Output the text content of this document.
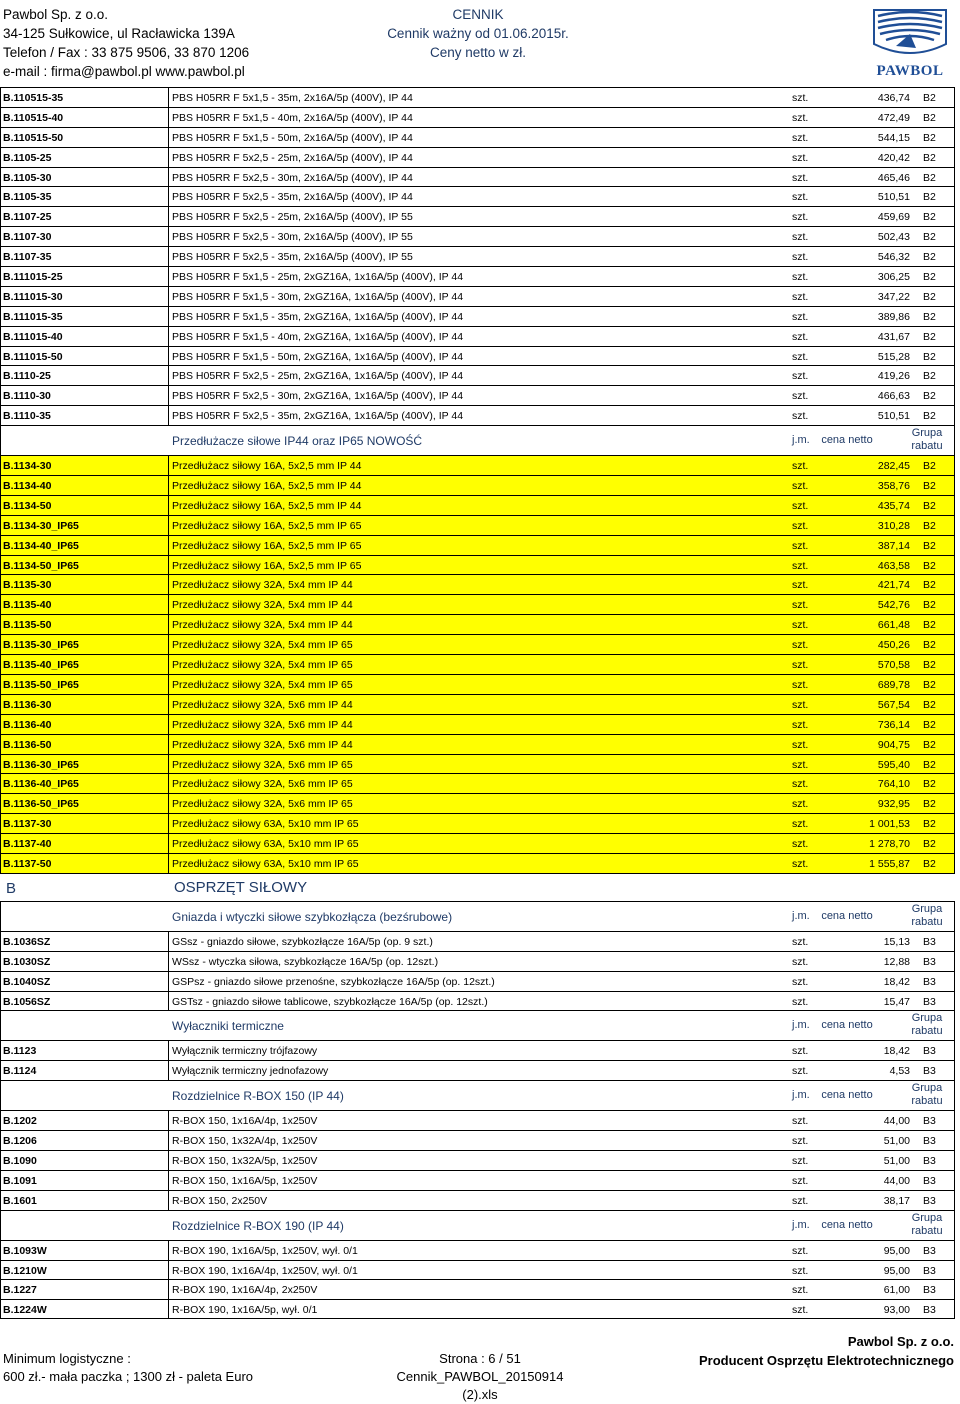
Pawbol Sp. z o.o.
34-125 Sułkowice, ul Racławicka 139A
Telefon / Fax : 33 875 9506, 33 870 1206
e-mail : firma@pawbol.pl www.pawbol.pl
CENNIK
Cennik ważny od 01.06.2015r.
Ceny netto w zł.
PAWBOL
B.110515-35	PBS H05RR F 5x1,5 - 35m, 2x16A/5p (400V), IP 44	szt.	436,74 B2
B.110515-40	PBS H05RR F 5x1,5 - 40m, 2x16A/5p (400V), IP 44	szt.	472,49 B2
B.110515-50	PBS H05RR F 5x1,5 - 50m, 2x16A/5p (400V), IP 44	szt.	544,15 B2
B.1105-25	PBS H05RR F 5x2,5 - 25m, 2x16A/5p (400V), IP 44	szt.	420,42 B2
B.1105-30	PBS H05RR F 5x2,5 - 30m, 2x16A/5p (400V), IP 44	szt.	465,46 B2
B.1105-35	PBS H05RR F 5x2,5 - 35m, 2x16A/5p (400V), IP 44	szt.	510,51 B2
B.1107-25	PBS H05RR F 5x2,5 - 25m, 2x16A/5p (400V), IP 55	szt.	459,69 B2
B.1107-30	PBS H05RR F 5x2,5 - 30m, 2x16A/5p (400V), IP 55	szt.	502,43 B2
B.1107-35	PBS H05RR F 5x2,5 - 35m, 2x16A/5p (400V), IP 55	szt.	546,32 B2
B.111015-25	PBS H05RR F 5x1,5 - 25m, 2xGZ16A, 1x16A/5p (400V), IP 44	szt.	306,25 B2
B.111015-30	PBS H05RR F 5x1,5 - 30m, 2xGZ16A, 1x16A/5p (400V), IP 44	szt.	347,22 B2
B.111015-35	PBS H05RR F 5x1,5 - 35m, 2xGZ16A, 1x16A/5p (400V), IP 44	szt.	389,86 B2
B.111015-40	PBS H05RR F 5x1,5 - 40m, 2xGZ16A, 1x16A/5p (400V), IP 44	szt.	431,67 B2
B.111015-50	PBS H05RR F 5x1,5 - 50m, 2xGZ16A, 1x16A/5p (400V), IP 44	szt.	515,28 B2
B.1110-25	PBS H05RR F 5x2,5 - 25m, 2xGZ16A, 1x16A/5p (400V), IP 44	szt.	419,26 B2
B.1110-30	PBS H05RR F 5x2,5 - 30m, 2xGZ16A, 1x16A/5p (400V), IP 44	szt.	466,63 B2
B.1110-35	PBS H05RR F 5x2,5 - 35m, 2xGZ16A, 1x16A/5p (400V), IP 44	szt.	510,51 B2
Przedłużacze siłowe IP44 oraz IP65 NOWOŚĆ	j.m.	cena netto
Grupa
rabatu
B.1134-30	Przedłużacz siłowy 16A, 5x2,5 mm IP 44	szt.	282,45 B2
B.1134-40	Przedłużacz siłowy 16A, 5x2,5 mm IP 44	szt.	358,76 B2
B.1134-50	Przedłużacz siłowy 16A, 5x2,5 mm IP 44	szt.	435,74 B2
B.1134-30_IP65	Przedłużacz siłowy 16A, 5x2,5 mm IP 65	szt.	310,28 B2
B.1134-40_IP65	Przedłużacz siłowy 16A, 5x2,5 mm IP 65	szt.	387,14 B2
B.1134-50_IP65	Przedłużacz siłowy 16A, 5x2,5 mm IP 65	szt.	463,58 B2
B.1135-30	Przedłużacz siłowy 32A, 5x4 mm IP 44	szt.	421,74 B2
B.1135-40	Przedłużacz siłowy 32A, 5x4 mm IP 44	szt.	542,76 B2
B.1135-50	Przedłużacz siłowy 32A, 5x4 mm IP 44	szt.	661,48 B2
B.1135-30_IP65	Przedłużacz siłowy 32A, 5x4 mm IP 65	szt.	450,26 B2
B.1135-40_IP65	Przedłużacz siłowy 32A, 5x4 mm IP 65	szt.	570,58 B2
B.1135-50_IP65	Przedłużacz siłowy 32A, 5x4 mm IP 65	szt.	689,78 B2
B.1136-30	Przedłużacz siłowy 32A, 5x6 mm IP 44	szt.	567,54 B2
B.1136-40	Przedłużacz siłowy 32A, 5x6 mm IP 44	szt.	736,14 B2
B.1136-50	Przedłużacz siłowy 32A, 5x6 mm IP 44	szt.	904,75 B2
B.1136-30_IP65	Przedłużacz siłowy 32A, 5x6 mm IP 65	szt.	595,40 B2
B.1136-40_IP65	Przedłużacz siłowy 32A, 5x6 mm IP 65	szt.	764,10 B2
B.1136-50_IP65	Przedłużacz siłowy 32A, 5x6 mm IP 65	szt.	932,95 B2
B.1137-30	Przedłużacz siłowy 63A, 5x10 mm IP 65	szt.	1 001,53 B2
B.1137-40	Przedłużacz siłowy 63A, 5x10 mm IP 65	szt.	1 278,70 B2
B.1137-50	Przedłużacz siłowy 63A, 5x10 mm IP 65	szt.	1 555,87 B2
B	OSPRZĘT SIŁOWY
Gniazda i wtyczki siłowe szybkozłącza (bezśrubowe)	j.m.	cena netto
Grupa
rabatu
B.1036SZ	GSsz - gniazdo siłowe, szybkozłącze 16A/5p (op. 9 szt.)	szt.	15,13 B3
B.1030SZ	WSsz - wtyczka siłowa, szybkozłącze 16A/5p (op. 12szt.)	szt.	12,88 B3
B.1040SZ	GSPsz - gniazdo siłowe przenośne, szybkozłącze 16A/5p (op. 12szt.)	szt.	18,42 B3
B.1056SZ	GSTsz - gniazdo siłowe tablicowe, szybkozłącze 16A/5p (op. 12szt.)	szt.	15,47 B3
Wyłaczniki termiczne	j.m.	cena netto
Grupa
rabatu
B.1123	Wyłącznik termiczny trójfazowy	szt.	18,42 B3
B.1124	Wyłącznik termiczny jednofazowy	szt.	4,53 B3
Rozdzielnice R-BOX 150 (IP 44)	j.m.	cena netto
Grupa
rabatu
B.1202	R-BOX 150, 1x16A/4p, 1x250V	szt.	44,00 B3
B.1206	R-BOX 150, 1x32A/4p, 1x250V	szt.	51,00 B3
B.1090	R-BOX 150, 1x32A/5p, 1x250V	szt.	51,00 B3
B.1091	R-BOX 150, 1x16A/5p, 1x250V	szt.	44,00 B3
B.1601	R-BOX 150, 2x250V	szt.	38,17 B3
Rozdzielnice R-BOX 190 (IP 44)	j.m.	cena netto
Grupa
rabatu
B.1093W	R-BOX 190, 1x16A/5p, 1x250V, wył. 0/1	szt.	95,00 B3
B.1210W	R-BOX 190, 1x16A/4p, 1x250V, wył. 0/1	szt.	95,00 B3
B.1227	R-BOX 190, 1x16A/4p, 2x250V	szt.	61,00 B3
B.1224W	R-BOX 190, 1x16A/5p, wył. 0/1	szt.	93,00 B3
Minimum logistyczne :
600 zł.- mała paczka ; 1300 zł - paleta Euro
Strona : 6 / 51
Cennik_PAWBOL_20150914 (2).xls
Pawbol Sp. z o.o.
Producent Osprzętu Elektrotechnicznego
